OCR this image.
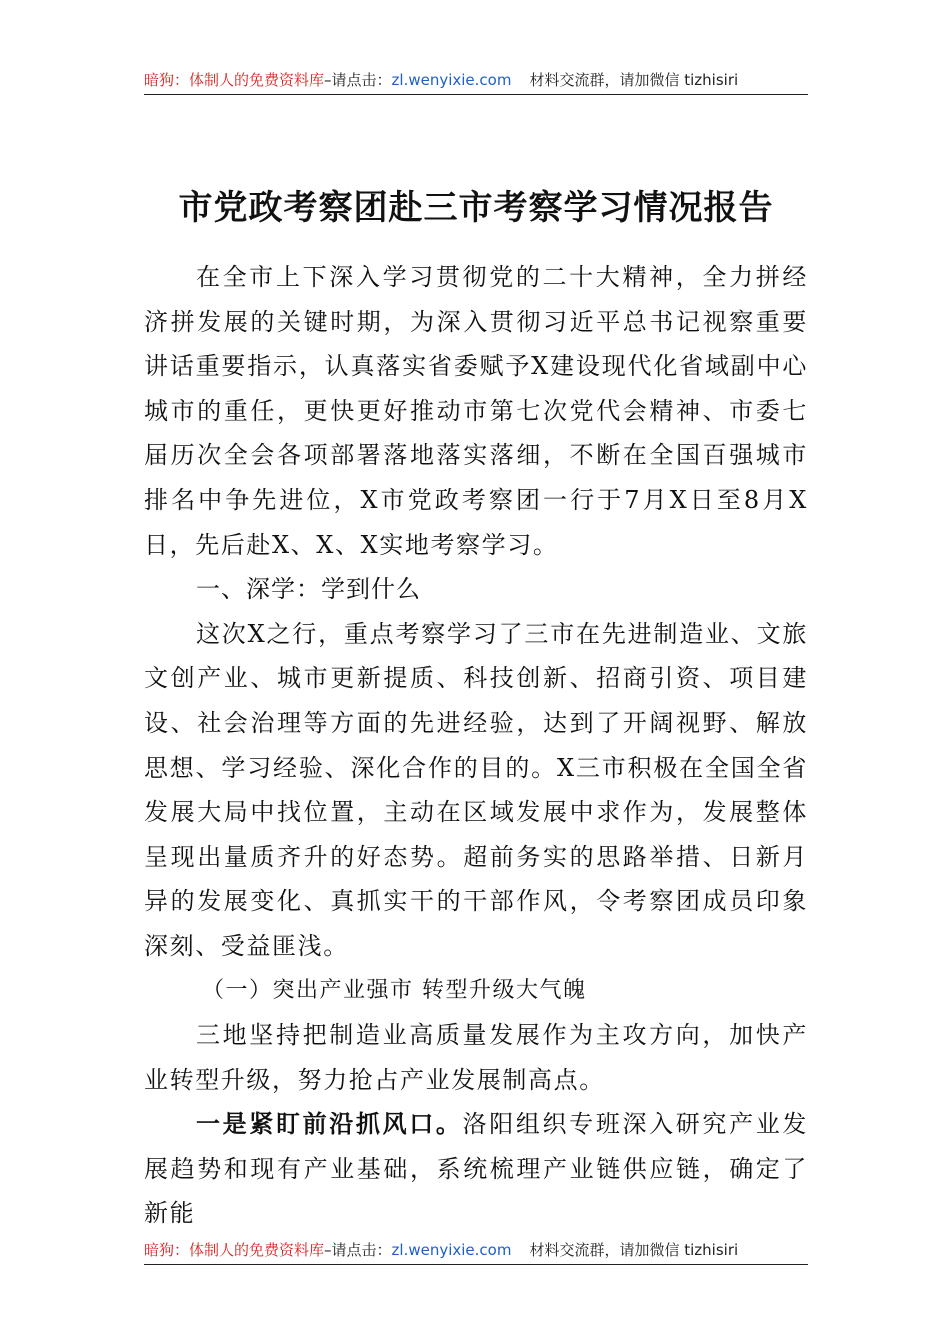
暗狗：体制人的免费资料库–请点击：zl.wenyixie.com 材料交流群，请加微信 tizhisiri
市党政考察团赴三市考察学习情况报告

在全市上下深入学习贯彻党的二十大精神，全力拼经济拼发展的关键时期，为深入贯彻习近平总书记视察重要讲话重要指示，认真落实省委赋予X建设现代化省域副中心城市的重任，更快更好推动市第七次党代会精神、市委七届历次全会各项部署落地落实落细，不断在全国百强城市排名中争先进位，X市党政考察团一行于7月X日至8月X日，先后赴X、X、X实地考察学习。

一、深学：学到什么

这次X之行，重点考察学习了三市在先进制造业、文旅文创产业、城市更新提质、科技创新、招商引资、项目建设、社会治理等方面的先进经验，达到了开阔视野、解放思想、学习经验、深化合作的目的。X三市积极在全国全省发展大局中找位置，主动在区域发展中求作为，发展整体呈现出量质齐升的好态势。超前务实的思路举措、日新月异的发展变化、真抓实干的干部作风，令考察团成员印象深刻、受益匪浅。

（一）突出产业强市 转型升级大气魄

三地坚持把制造业高质量发展作为主攻方向，加快产业转型升级，努力抢占产业发展制高点。

一是紧盯前沿抓风口。洛阳组织专班深入研究产业发展趋势和现有产业基础，系统梳理产业链供应链，确定了新能

暗狗：体制人的免费资料库–请点击：zl.wenyixie.com 材料交流群，请加微信 tizhisiri
